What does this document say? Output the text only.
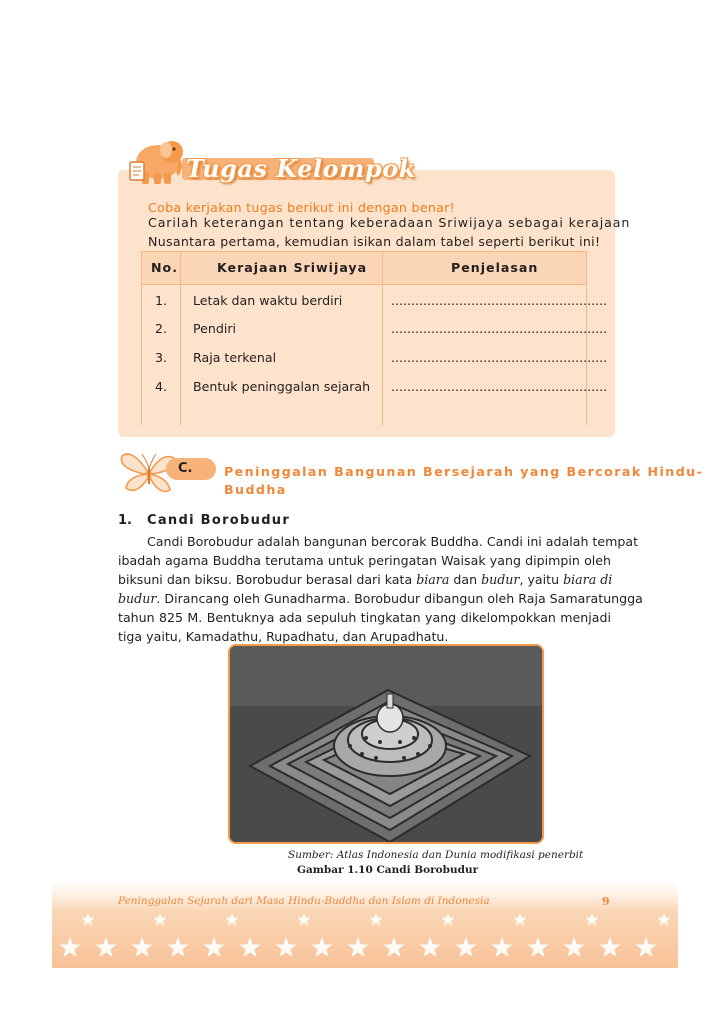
Tugas Kelompok
Coba kerjakan tugas berikut ini dengan benar!
Carilah keterangan tentang keberadaan Sriwijaya sebagai kerajaan
Nusantara pertama, kemudian isikan dalam tabel seperti berikut ini!
No.	Kerajaan Sriwijaya	Penjelasan
1. Letak dan waktu berdiri	......................................................
2. Pendiri	......................................................
3. Raja terkenal	......................................................
4. Bentuk peninggalan sejarah ......................................................
C.	Peninggalan Bangunan Bersejarah yang Bercorak Hindu-
Buddha
1. Candi Borobudur
Candi Borobudur adalah bangunan bercorak Buddha. Candi ini adalah tempat
ibadah agama Buddha terutama untuk peringatan Waisak yang dipimpin oleh
biksuni dan biksu. Borobudur berasal dari kata biara dan budur, yaitu biara di
budur. Dirancang oleh Gunadharma. Borobudur dibangun oleh Raja Samaratungga
tahun 825 M. Bentuknya ada sepuluh tingkatan yang dikelompokkan menjadi
tiga yaitu, Kamadathu, Rupadhatu, dan Arupadhatu.
Sumber: Atlas Indonesia dan Dunia modifikasi penerbit
Gambar 1.10 Candi Borobudur
Peninggalan Sejarah dari Masa Hindu-Buddha dan Islam di Indonesia	9
